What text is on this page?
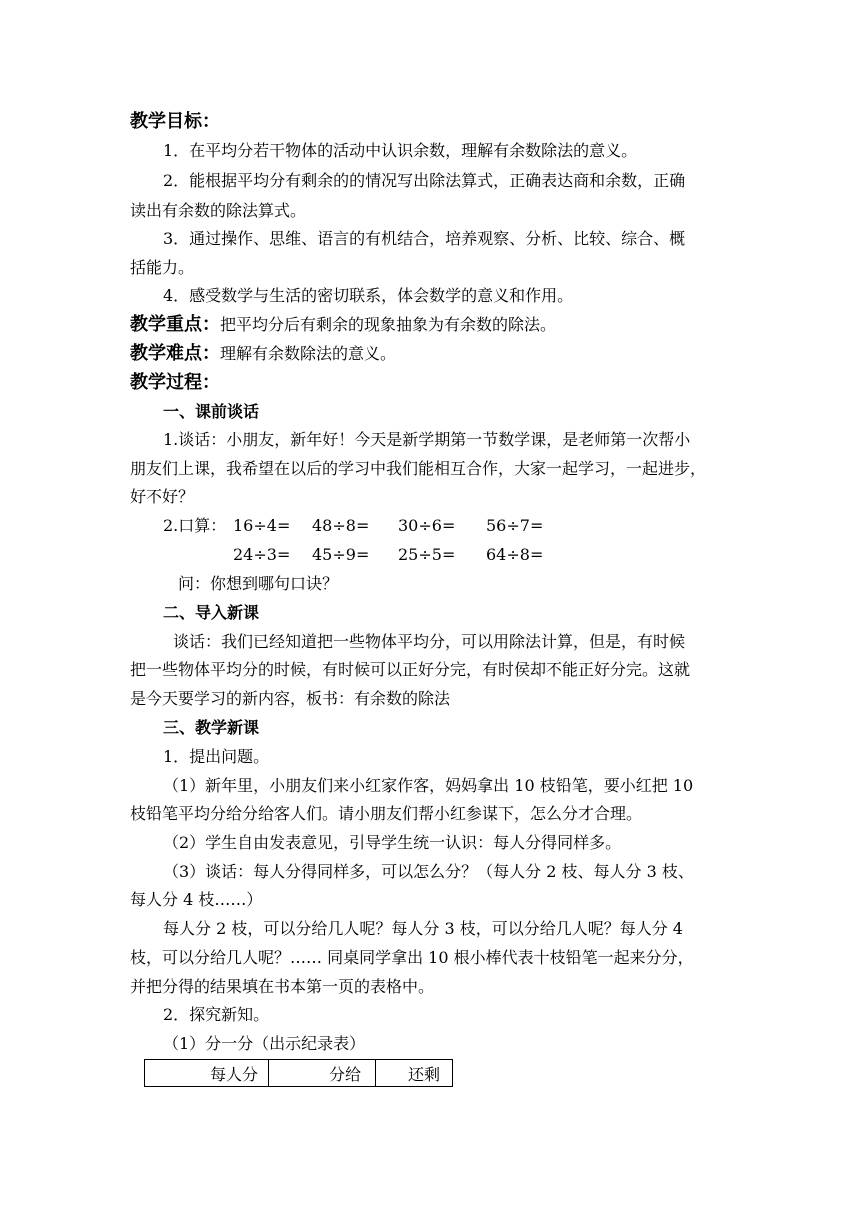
教学目标：
1．在平均分若干物体的活动中认识余数，理解有余数除法的意义。
2．能根据平均分有剩余的的情况写出除法算式，正确表达商和余数，正确
读出有余数的除法算式。
3．通过操作、思维、语言的有机结合，培养观察、分析、比较、综合、概
括能力。
4．感受数学与生活的密切联系，体会数学的意义和作用。
教学重点：把平均分后有剩余的现象抽象为有余数的除法。
教学难点：理解有余数除法的意义。
教学过程：
一、课前谈话
1.谈话：小朋友，新年好！今天是新学期第一节数学课，是老师第一次帮小
朋友们上课，我希望在以后的学习中我们能相互合作，大家一起学习，一起进步，
好不好？
2.口算： 16÷4= 48÷8= 30÷6= 56÷7=
24÷3= 45÷9= 25÷5= 64÷8=
问：你想到哪句口诀？
二、导入新课
谈话：我们已经知道把一些物体平均分，可以用除法计算，但是，有时候
把一些物体平均分的时候，有时候可以正好分完，有时侯却不能正好分完。这就
是今天要学习的新内容，板书：有余数的除法
三、教学新课
1．提出问题。
（1）新年里，小朋友们来小红家作客，妈妈拿出 10 枝铅笔，要小红把 10
枝铅笔平均分给分给客人们。请小朋友们帮小红参谋下，怎么分才合理。
（2）学生自由发表意见，引导学生统一认识：每人分得同样多。
（3）谈话：每人分得同样多，可以怎么分？（每人分 2 枝、每人分 3 枝、
每人分 4 枝……）
每人分 2 枝，可以分给几人呢？每人分 3 枝，可以分给几人呢？每人分 4
枝，可以分给几人呢？…… 同桌同学拿出 10 根小棒代表十枝铅笔一起来分分，
并把分得的结果填在书本第一页的表格中。
2．探究新知。
（1）分一分（出示纪录表）
每人分	分给	还剩
